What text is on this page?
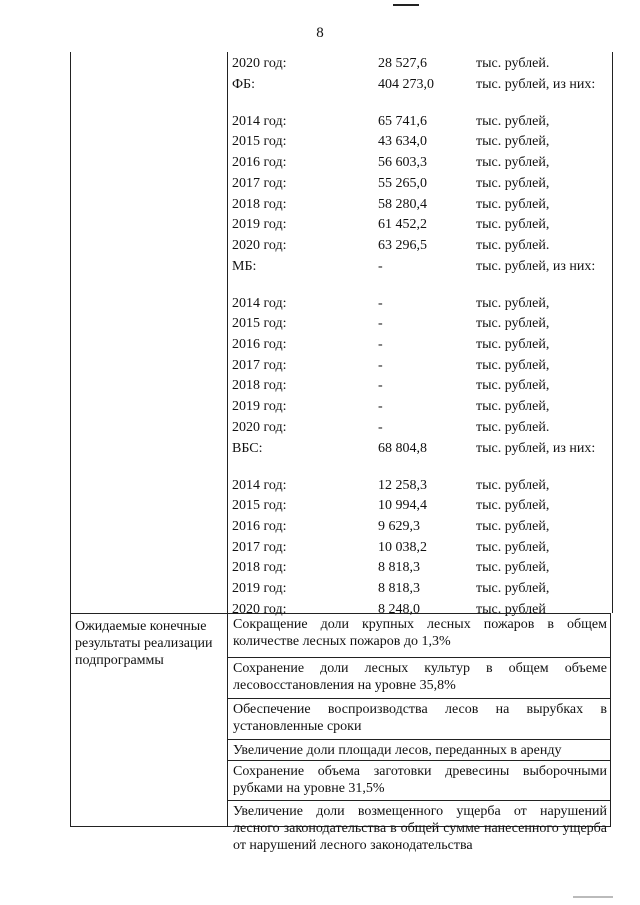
8
2020 год:	28 527,6	тыс. рублей.
ФБ:	404 273,0	тыс. рублей, из них:
2014 год:	65 741,6	тыс. рублей,
2015 год:	43 634,0	тыс. рублей,
2016 год:	56 603,3	тыс. рублей,
2017 год:	55 265,0	тыс. рублей,
2018 год:	58 280,4	тыс. рублей,
2019 год:	61 452,2	тыс. рублей,
2020 год:	63 296,5	тыс. рублей.
МБ:	-	тыс. рублей, из них:
2014 год:	-	тыс. рублей,
2015 год:	-	тыс. рублей,
2016 год:	-	тыс. рублей,
2017 год:	-	тыс. рублей,
2018 год:	-	тыс. рублей,
2019 год:	-	тыс. рублей,
2020 год:	-	тыс. рублей.
ВБС:	68 804,8	тыс. рублей, из них:
2014 год:	12 258,3	тыс. рублей,
2015 год:	10 994,4	тыс. рублей,
2016 год:	9 629,3	тыс. рублей,
2017 год:	10 038,2	тыс. рублей,
2018 год:	8 818,3	тыс. рублей,
2019 год:	8 818,3	тыс. рублей,
2020 год:	8 248,0	тыс. рублей
Ожидаемые конечные результаты реализации подпрограммы
Сокращение доли крупных лесных пожаров в общем количестве лесных пожаров до 1,3%
Сохранение доли лесных культур в общем объеме лесовосстановления на уровне 35,8%
Обеспечение воспроизводства лесов на вырубках в установленные сроки
Увеличение доли площади лесов, переданных в аренду
Сохранение объема заготовки древесины выборочными рубками на уровне 31,5%
Увеличение доли возмещенного ущерба от нарушений лесного законодательства в общей сумме нанесенного ущерба от нарушений лесного законодательства
